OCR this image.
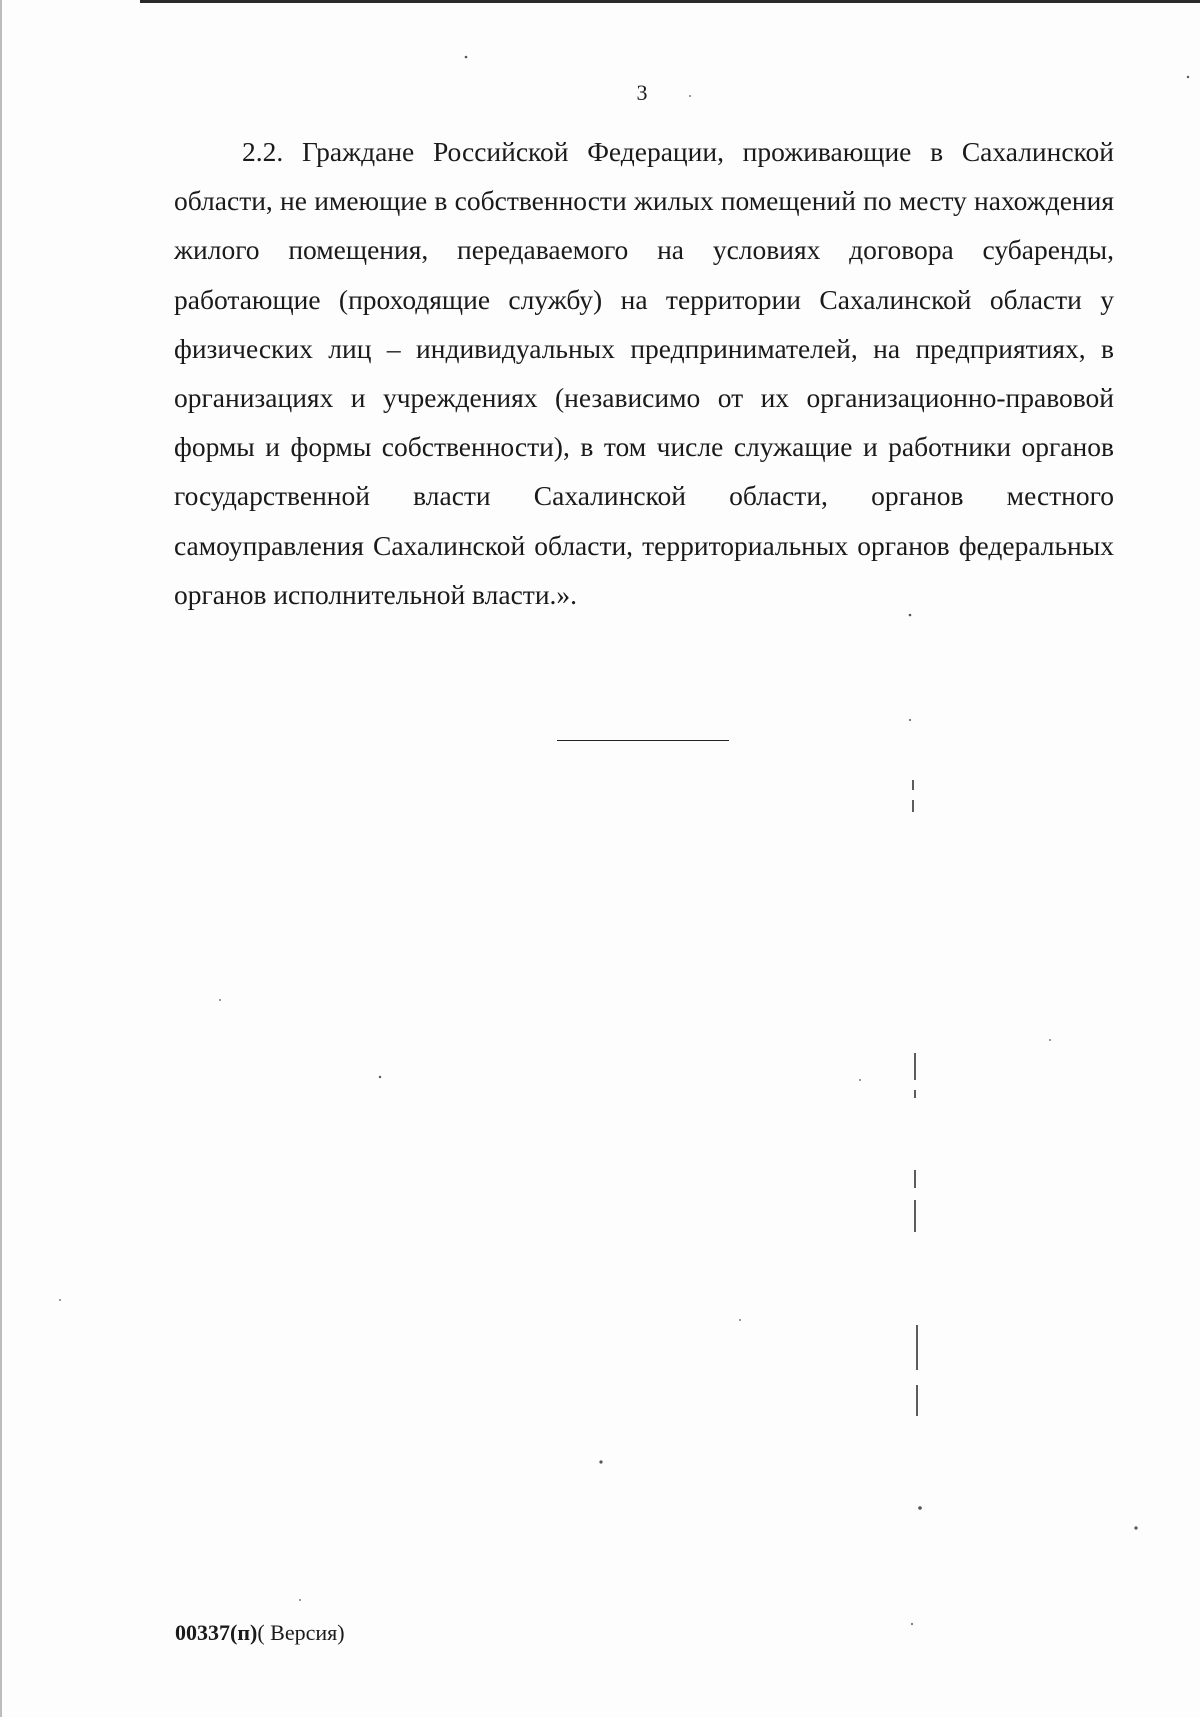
3

2.2. Граждане Российской Федерации, проживающие в Сахалинской области, не имеющие в собственности жилых помещений по месту нахождения жилого помещения, передаваемого на условиях договора субаренды, работающие (проходящие службу) на территории Сахалинской области у физических лиц – индивидуальных предпринимателей, на предприятиях, в организациях и учреждениях (независимо от их организационно-правовой формы и формы собственности), в том числе служащие и работники органов государственной власти Сахалинской области, органов местного самоуправления Сахалинской области, территориальных органов федеральных органов исполнительной власти.».

00337(п)( Версия)
